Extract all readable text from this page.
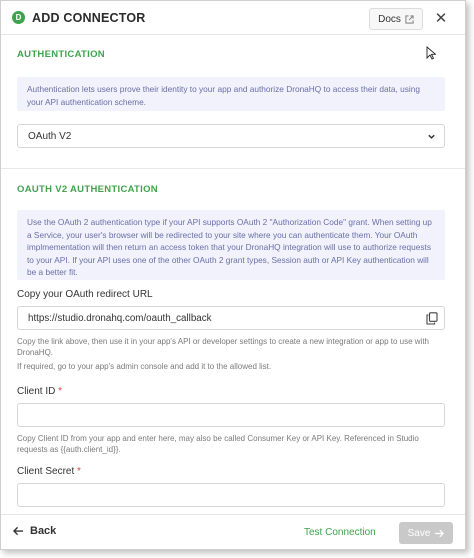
D ADD CONNECTOR	Docs ✕
AUTHENTICATION
Authentication lets users prove their identity to your app and authorize DronaHQ to access their data, using your API authentication scheme.
OAuth V2
OAUTH V2 AUTHENTICATION
Use the OAuth 2 authentication type if your API supports OAuth 2 "Authorization Code" grant. When setting up a Service, your user's browser will be redirected to your site where you can authenticate them. Your OAuth implmementation will then return an access token that your DronaHQ integration will use to authorize requests to your API. If your API uses one of the other OAuth 2 grant types, Session auth or API Key authentication will be a better fit.
Copy your OAuth redirect URL
https://studio.dronahq.com/oauth_callback
Copy the link above, then use it in your app's API or developer settings to create a new integration or app to use with DronaHQ.
If required, go to your app's admin console and add it to the allowed list.
Client ID *
Copy Client ID from your app and enter here, may also be called Consumer Key or API Key. Referenced in Studio requests as {{auth.client_id}}.
Client Secret *
Back	Test Connection	Save
